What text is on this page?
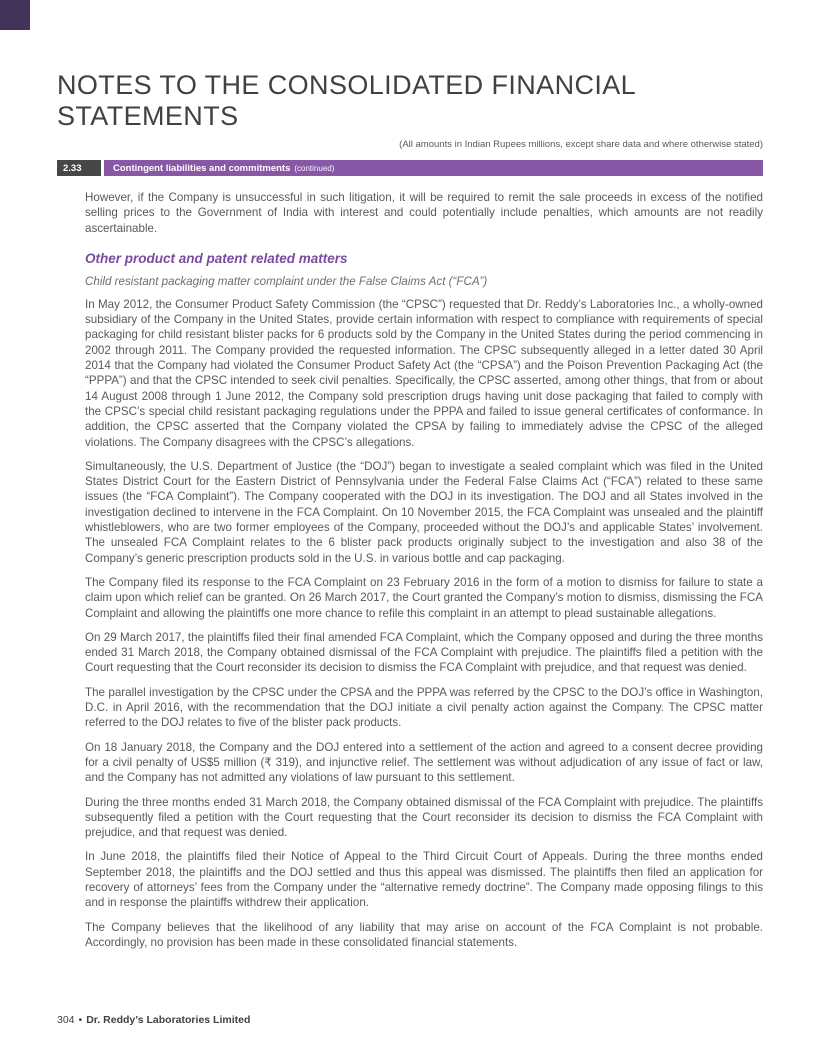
NOTES TO THE CONSOLIDATED FINANCIAL STATEMENTS
(All amounts in Indian Rupees millions, except share data and where otherwise stated)
2.33	Contingent liabilities and commitments (continued)

However, if the Company is unsuccessful in such litigation, it will be required to remit the sale proceeds in excess of the notified selling prices to the Government of India with interest and could potentially include penalties, which amounts are not readily ascertainable.

Other product and patent related matters
Child resistant packaging matter complaint under the False Claims Act (“FCA”)

In May 2012, the Consumer Product Safety Commission (the “CPSC”) requested that Dr. Reddy’s Laboratories Inc., a wholly-owned subsidiary of the Company in the United States, provide certain information with respect to compliance with requirements of special packaging for child resistant blister packs for 6 products sold by the Company in the United States during the period commencing in 2002 through 2011. The Company provided the requested information. The CPSC subsequently alleged in a letter dated 30 April 2014 that the Company had violated the Consumer Product Safety Act (the “CPSA”) and the Poison Prevention Packaging Act (the “PPPA”) and that the CPSC intended to seek civil penalties. Specifically, the CPSC asserted, among other things, that from or about 14 August 2008 through 1 June 2012, the Company sold prescription drugs having unit dose packaging that failed to comply with the CPSC’s special child resistant packaging regulations under the PPPA and failed to issue general certificates of conformance. In addition, the CPSC asserted that the Company violated the CPSA by failing to immediately advise the CPSC of the alleged violations. The Company disagrees with the CPSC’s allegations.

Simultaneously, the U.S. Department of Justice (the “DOJ”) began to investigate a sealed complaint which was filed in the United States District Court for the Eastern District of Pennsylvania under the Federal False Claims Act (“FCA”) related to these same issues (the “FCA Complaint”). The Company cooperated with the DOJ in its investigation. The DOJ and all States involved in the investigation declined to intervene in the FCA Complaint. On 10 November 2015, the FCA Complaint was unsealed and the plaintiff whistleblowers, who are two former employees of the Company, proceeded without the DOJ’s and applicable States’ involvement. The unsealed FCA Complaint relates to the 6 blister pack products originally subject to the investigation and also 38 of the Company’s generic prescription products sold in the U.S. in various bottle and cap packaging.

The Company filed its response to the FCA Complaint on 23 February 2016 in the form of a motion to dismiss for failure to state a claim upon which relief can be granted. On 26 March 2017, the Court granted the Company’s motion to dismiss, dismissing the FCA Complaint and allowing the plaintiffs one more chance to refile this complaint in an attempt to plead sustainable allegations.

On 29 March 2017, the plaintiffs filed their final amended FCA Complaint, which the Company opposed and during the three months ended 31 March 2018, the Company obtained dismissal of the FCA Complaint with prejudice. The plaintiffs filed a petition with the Court requesting that the Court reconsider its decision to dismiss the FCA Complaint with prejudice, and that request was denied.

The parallel investigation by the CPSC under the CPSA and the PPPA was referred by the CPSC to the DOJ’s office in Washington, D.C. in April 2016, with the recommendation that the DOJ initiate a civil penalty action against the Company. The CPSC matter referred to the DOJ relates to five of the blister pack products.

On 18 January 2018, the Company and the DOJ entered into a settlement of the action and agreed to a consent decree providing for a civil penalty of US$5 million (₹ 319), and injunctive relief. The settlement was without adjudication of any issue of fact or law, and the Company has not admitted any violations of law pursuant to this settlement.

During the three months ended 31 March 2018, the Company obtained dismissal of the FCA Complaint with prejudice. The plaintiffs subsequently filed a petition with the Court requesting that the Court reconsider its decision to dismiss the FCA Complaint with prejudice, and that request was denied.

In June 2018, the plaintiffs filed their Notice of Appeal to the Third Circuit Court of Appeals. During the three months ended September 2018, the plaintiffs and the DOJ settled and thus this appeal was dismissed. The plaintiffs then filed an application for recovery of attorneys’ fees from the Company under the “alternative remedy doctrine”. The Company made opposing filings to this and in response the plaintiffs withdrew their application.

The Company believes that the likelihood of any liability that may arise on account of the FCA Complaint is not probable. Accordingly, no provision has been made in these consolidated financial statements.

304 • Dr. Reddy’s Laboratories Limited
